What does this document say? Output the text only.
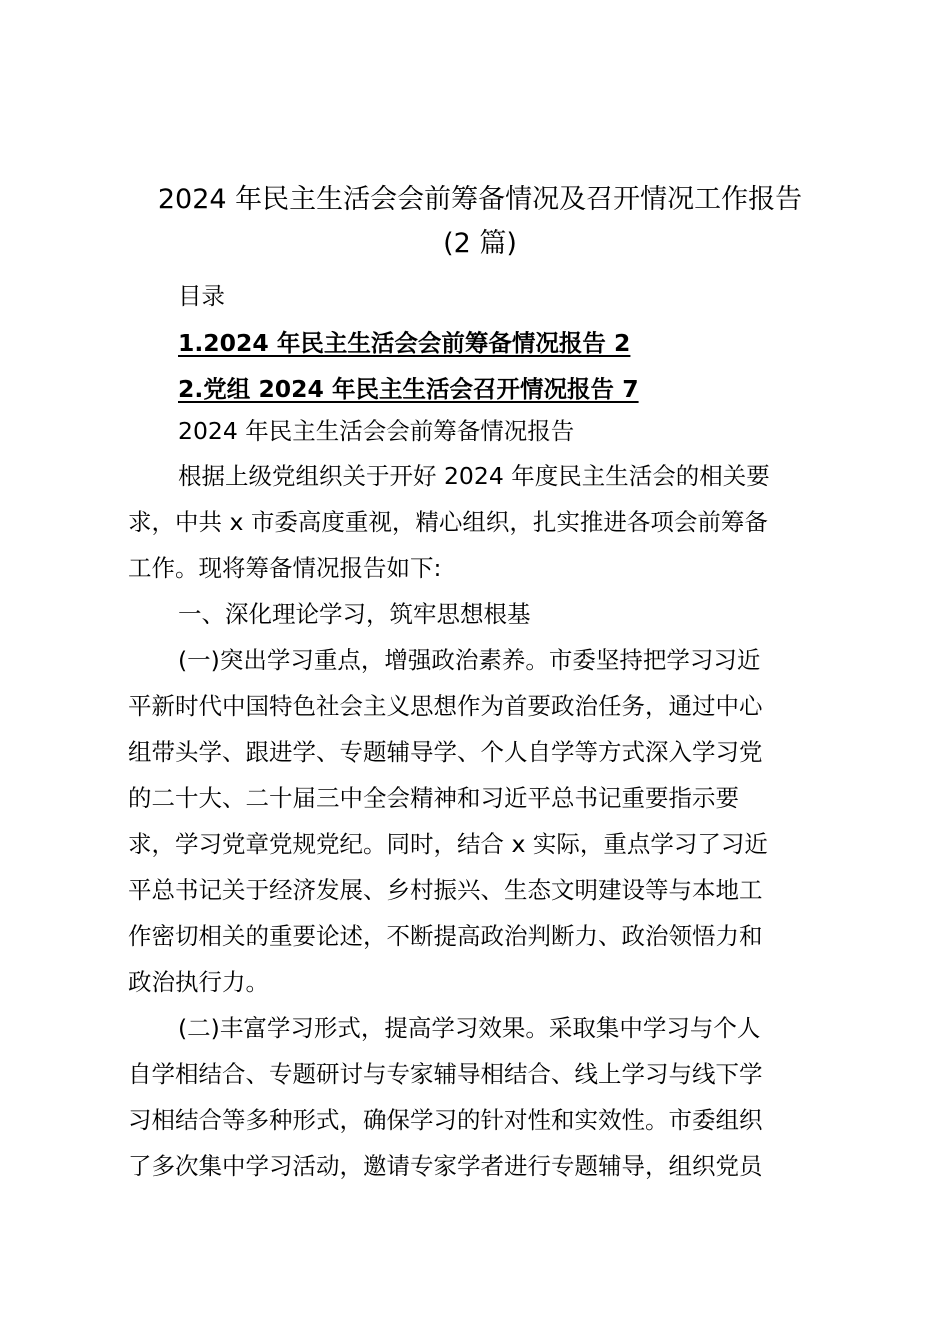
2024 年民主生活会会前筹备情况及召开情况工作报告
(2 篇)
目录
1.2024 年民主生活会会前筹备情况报告 2
2.党组 2024 年民主生活会召开情况报告 7
2024 年民主生活会会前筹备情况报告
根据上级党组织关于开好 2024 年度民主生活会的相关要
求，中共 x 市委高度重视，精心组织，扎实推进各项会前筹备
工作。现将筹备情况报告如下:
一、深化理论学习，筑牢思想根基
(一)突出学习重点，增强政治素养。市委坚持把学习习近
平新时代中国特色社会主义思想作为首要政治任务，通过中心
组带头学、跟进学、专题辅导学、个人自学等方式深入学习党
的二十大、二十届三中全会精神和习近平总书记重要指示要
求，学习党章党规党纪。同时，结合 x 实际，重点学习了习近
平总书记关于经济发展、乡村振兴、生态文明建设等与本地工
作密切相关的重要论述，不断提高政治判断力、政治领悟力和
政治执行力。
(二)丰富学习形式，提高学习效果。采取集中学习与个人
自学相结合、专题研讨与专家辅导相结合、线上学习与线下学
习相结合等多种形式，确保学习的针对性和实效性。市委组织
了多次集中学习活动，邀请专家学者进行专题辅导，组织党员
